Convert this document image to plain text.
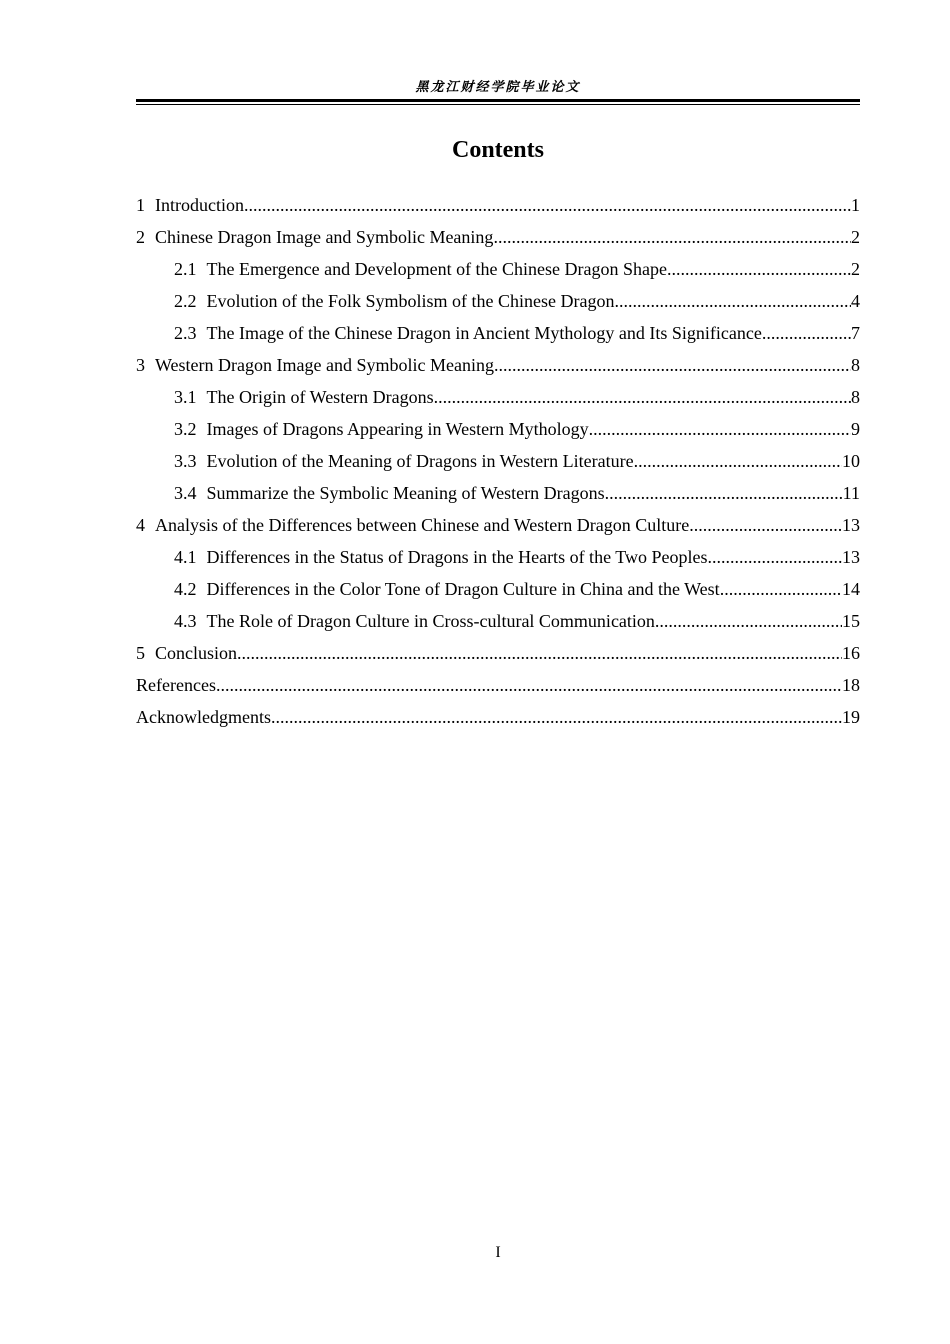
黑龙江财经学院毕业论文
Contents
1 Introduction .....	1
2 Chinese Dragon Image and Symbolic Meaning .....	2
2.1 The Emergence and Development of the Chinese Dragon Shape .....	2
2.2 Evolution of the Folk Symbolism of the Chinese Dragon .....	4
2.3 The Image of the Chinese Dragon in Ancient Mythology and Its Significance .....	7
3 Western Dragon Image and Symbolic Meaning .....	8
3.1 The Origin of Western Dragons .....	8
3.2 Images of Dragons Appearing in Western Mythology .....	9
3.3 Evolution of the Meaning of Dragons in Western Literature .....	10
3.4 Summarize the Symbolic Meaning of Western Dragons .....	11
4 Analysis of the Differences between Chinese and Western Dragon Culture .....	13
4.1 Differences in the Status of Dragons in the Hearts of the Two Peoples .....	13
4.2 Differences in the Color Tone of Dragon Culture in China and the West .....	14
4.3 The Role of Dragon Culture in Cross-cultural Communication .....	15
5 Conclusion .....	16
References .....	18
Acknowledgments .....	19
I
